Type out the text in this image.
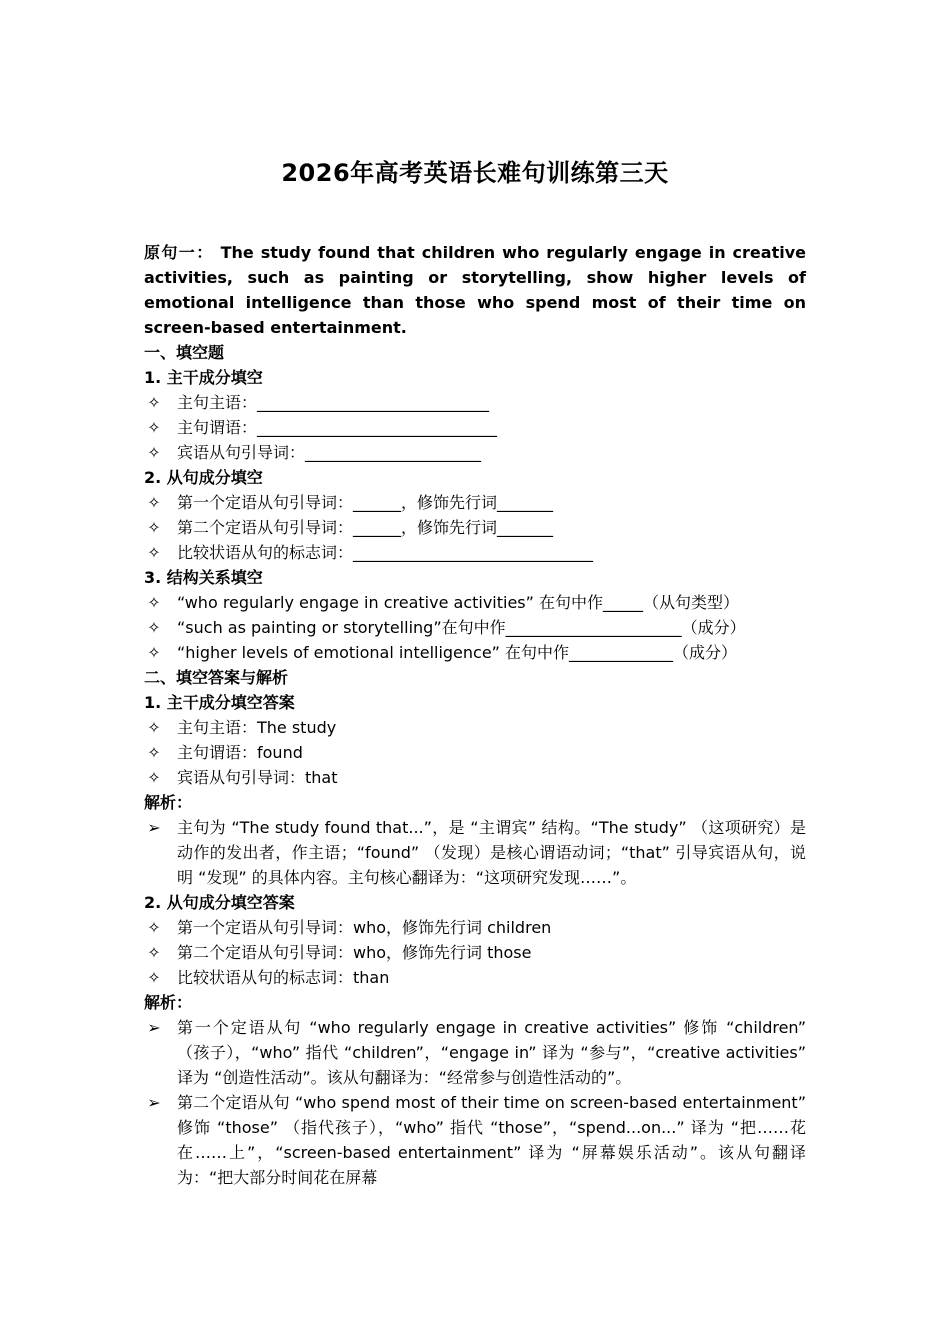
2026年高考英语长难句训练第三天

原句一： The study found that children who regularly engage in creative activities, such as painting or storytelling, show higher levels of emotional intelligence than those who spend most of their time on screen-based entertainment.

一、填空题
1. 主干成分填空
✧ 主句主语：_____________________________
✧ 主句谓语：______________________________
✧ 宾语从句引导词：______________________
2. 从句成分填空
✧ 第一个定语从句引导词：______，修饰先行词_______
✧ 第二个定语从句引导词：______，修饰先行词_______
✧ 比较状语从句的标志词：______________________________
3. 结构关系填空
✧ “who regularly engage in creative activities” 在句中作_____（从句类型）
✧ “such as painting or storytelling”在句中作______________________（成分）
✧ “higher levels of emotional intelligence” 在句中作_____________（成分）
二、填空答案与解析
1. 主干成分填空答案
✧ 主句主语：The study
✧ 主句谓语：found
✧ 宾语从句引导词：that
解析：
➢ 主句为 “The study found that...”，是 “主谓宾” 结构。“The study” （这项研究）是动作的发出者，作主语；“found” （发现）是核心谓语动词；“that” 引导宾语从句，说明 “发现” 的具体内容。主句核心翻译为：“这项研究发现……”。
2. 从句成分填空答案
✧ 第一个定语从句引导词：who，修饰先行词 children
✧ 第二个定语从句引导词：who，修饰先行词 those
✧ 比较状语从句的标志词：than
解析：
➢ 第一个定语从句 “who regularly engage in creative activities” 修饰 “children” （孩子），“who” 指代 “children”，“engage in” 译为 “参与”，“creative activities” 译为 “创造性活动”。该从句翻译为：“经常参与创造性活动的”。
➢ 第二个定语从句 “who spend most of their time on screen-based entertainment” 修饰 “those” （指代孩子），“who” 指代 “those”，“spend...on...” 译为 “把……花在……上”，“screen-based entertainment” 译为 “屏幕娱乐活动”。该从句翻译为：“把大部分时间花在屏幕
